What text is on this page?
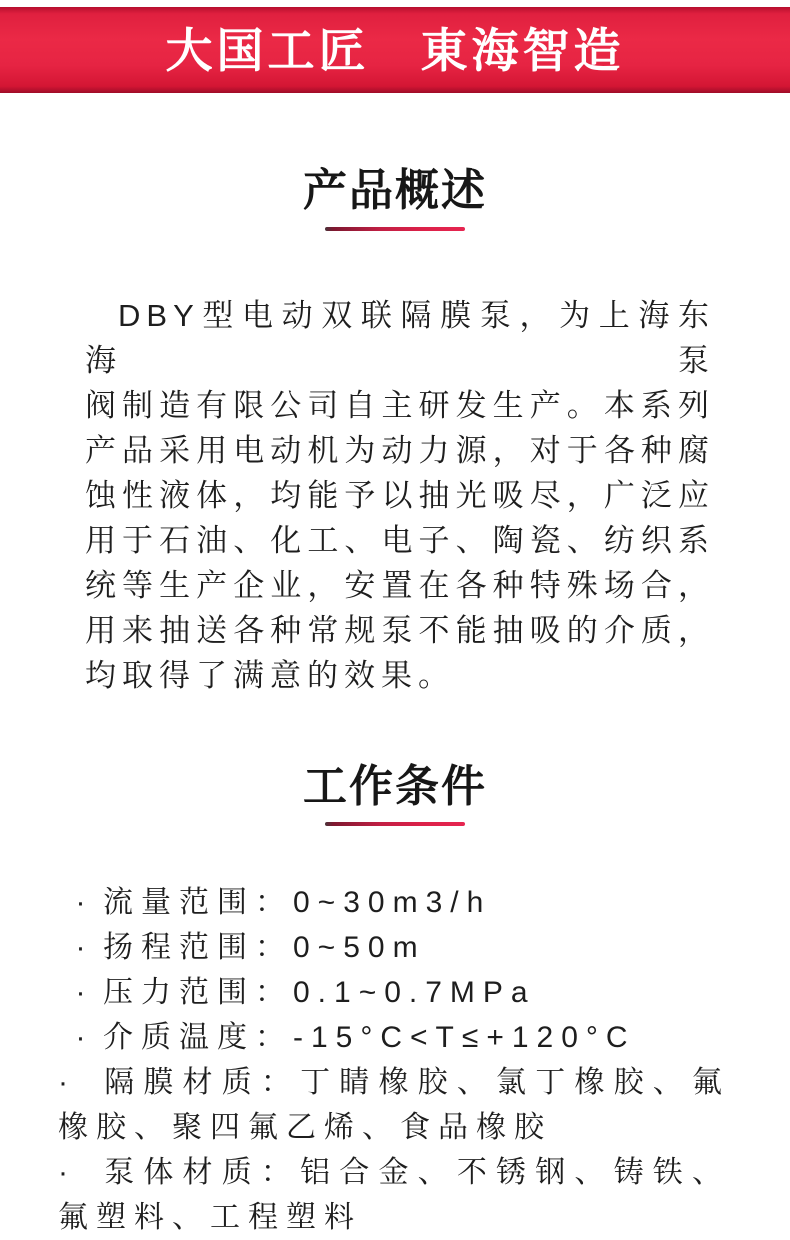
大国工匠　東海智造
产品概述
DBY型电动双联隔膜泵，为上海东海泵
阀制造有限公司自主研发生产。本系列
产品采用电动机为动力源，对于各种腐
蚀性液体，均能予以抽光吸尽，广泛应
用于石油、化工、电子、陶瓷、纺织系
统等生产企业，安置在各种特殊场合，
用来抽送各种常规泵不能抽吸的介质，
均取得了满意的效果。
工作条件
· 流量范围：0~30m3/h
· 扬程范围：0~50m
· 压力范围：0.1~0.7MPa
· 介质温度：-15°C<T≤+120°C
· 隔膜材质：丁睛橡胶、氯丁橡胶、氟
橡胶、聚四氟乙烯、食品橡胶
· 泵体材质：铝合金、不锈钢、铸铁、
氟塑料、工程塑料
